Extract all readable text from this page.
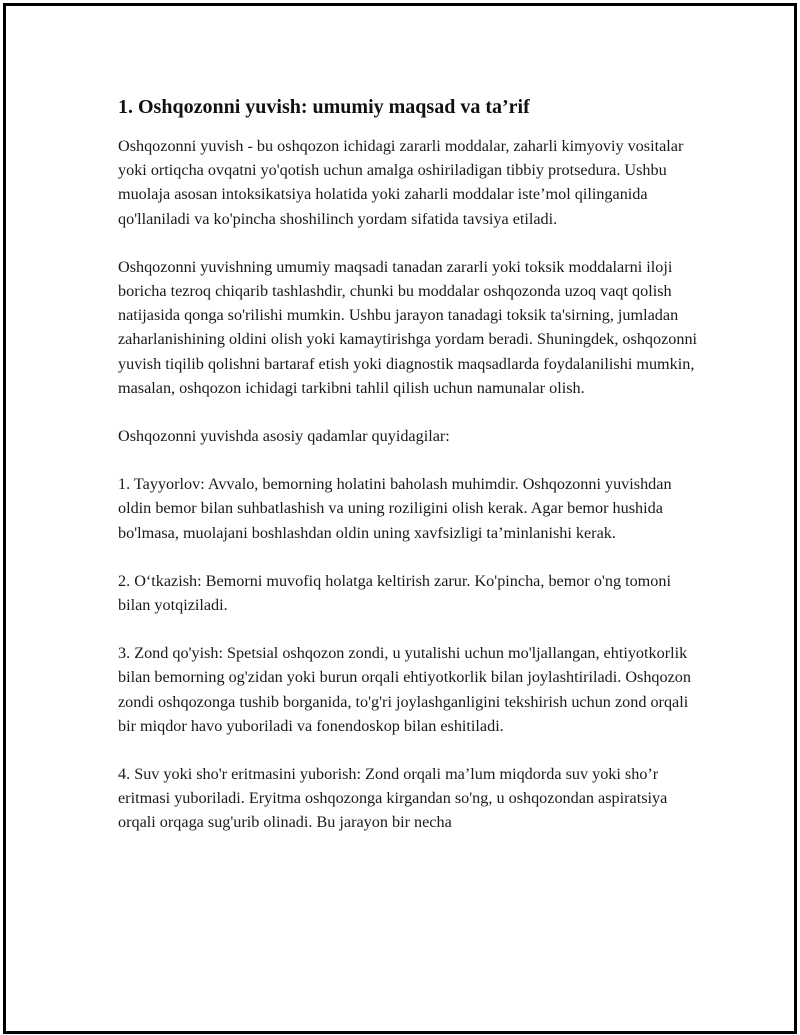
1. Oshqozonni yuvish: umumiy maqsad va ta’rif

Oshqozonni yuvish - bu oshqozon ichidagi zararli moddalar, zaharli kimyoviy vositalar yoki ortiqcha ovqatni yo'qotish uchun amalga oshiriladigan tibbiy protsedura. Ushbu muolaja asosan intoksikatsiya holatida yoki zaharli moddalar iste’mol qilinganida qo'llaniladi va ko'pincha shoshilinch yordam sifatida tavsiya etiladi.

Oshqozonni yuvishning umumiy maqsadi tanadan zararli yoki toksik moddalarni iloji boricha tezroq chiqarib tashlashdir, chunki bu moddalar oshqozonda uzoq vaqt qolish natijasida qonga so'rilishi mumkin. Ushbu jarayon tanadagi toksik ta'sirning, jumladan zaharlanishining oldini olish yoki kamaytirishga yordam beradi. Shuningdek, oshqozonni yuvish tiqilib qolishni bartaraf etish yoki diagnostik maqsadlarda foydalanilishi mumkin, masalan, oshqozon ichidagi tarkibni tahlil qilish uchun namunalar olish.

Oshqozonni yuvishda asosiy qadamlar quyidagilar:

1. Tayyorlov: Avvalo, bemorning holatini baholash muhimdir. Oshqozonni yuvishdan oldin bemor bilan suhbatlashish va uning roziligini olish kerak. Agar bemor hushida bo'lmasa, muolajani boshlashdan oldin uning xavfsizligi ta’minlanishi kerak.

2. O‘tkazish: Bemorni muvofiq holatga keltirish zarur. Ko'pincha, bemor o'ng tomoni bilan yotqiziladi.

3. Zond qo'yish: Spetsial oshqozon zondi, u yutalishi uchun mo'ljallangan, ehtiyotkorlik bilan bemorning og'zidan yoki burun orqali ehtiyotkorlik bilan joylashtiriladi. Oshqozon zondi oshqozonga tushib borganida, to'g'ri joylashganligini tekshirish uchun zond orqali bir miqdor havo yuboriladi va fonendoskop bilan eshitiladi.

4. Suv yoki sho'r eritmasini yuborish: Zond orqali ma’lum miqdorda suv yoki sho’r eritmasi yuboriladi. Eryitma oshqozonga kirgandan so'ng, u oshqozondan aspiratsiya orqali orqaga sug'urib olinadi. Bu jarayon bir necha
